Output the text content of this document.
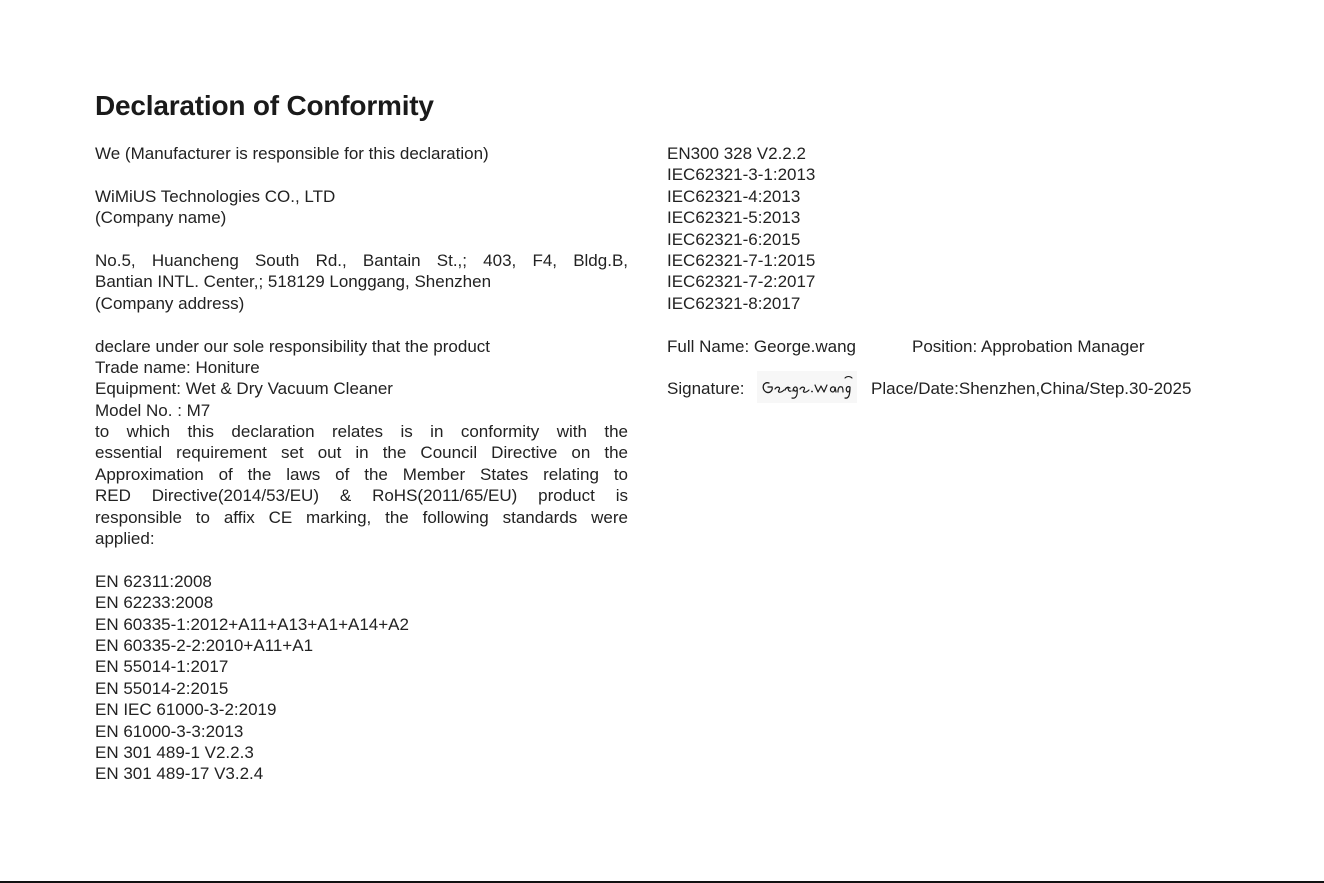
Declaration of Conformity
We (Manufacturer is responsible for this declaration)
WiMiUS Technologies CO., LTD
(Company name)
No.5, Huancheng South Rd., Bantain St.,; 403, F4, Bldg.B,
Bantian INTL. Center,; 518129 Longgang, Shenzhen
(Company address)
declare under our sole responsibility that the product
Trade name: Honiture
Equipment: Wet & Dry Vacuum Cleaner
Model No. : M7
to which this declaration relates is in conformity with the
essential requirement set out in the Council Directive on the
Approximation of the laws of the Member States relating to
RED Directive(2014/53/EU) & RoHS(2011/65/EU) product is
responsible to affix CE marking, the following standards were
applied:
EN 62311:2008
EN 62233:2008
EN 60335-1:2012+A11+A13+A1+A14+A2
EN 60335-2-2:2010+A11+A1
EN 55014-1:2017
EN 55014-2:2015
EN IEC 61000-3-2:2019
EN 61000-3-3:2013
EN 301 489-1 V2.2.3
EN 301 489-17 V3.2.4
EN300 328 V2.2.2
IEC62321-3-1:2013
IEC62321-4:2013
IEC62321-5:2013
IEC62321-6:2015
IEC62321-7-1:2015
IEC62321-7-2:2017
IEC62321-8:2017
Full Name: George.wang	Position: Approbation Manager
Signature:	Place/Date:Shenzhen,China/Step.30-2025
